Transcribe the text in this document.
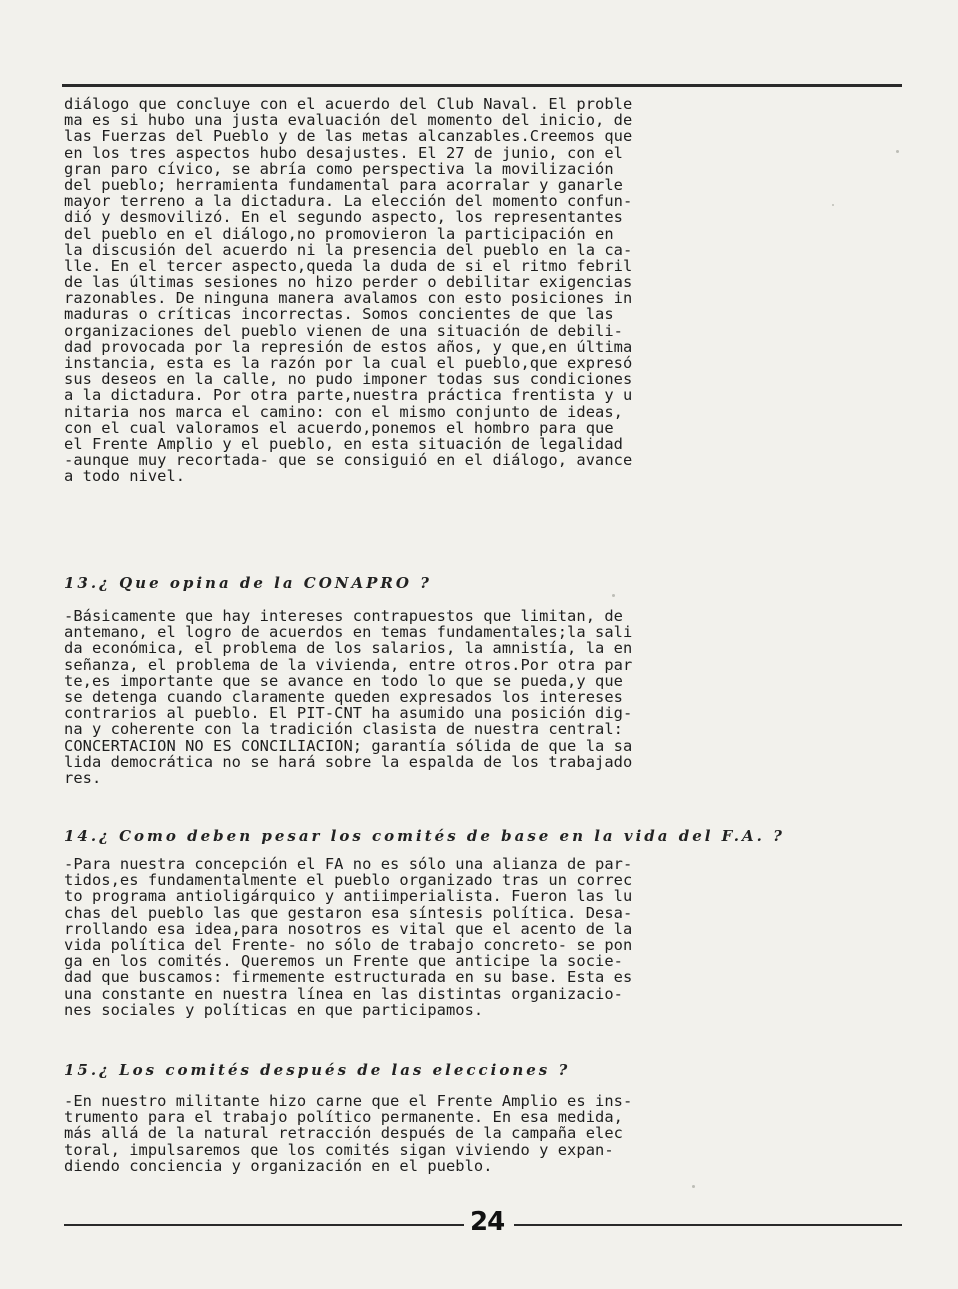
diálogo que concluye con el acuerdo del Club Naval. El proble
ma es si hubo una justa evaluación del momento del inicio, de
las Fuerzas del Pueblo y de las metas alcanzables.Creemos que
en los tres aspectos hubo desajustes. El 27 de junio, con el
gran paro cívico, se abría como perspectiva la movilización
del pueblo; herramienta fundamental para acorralar y ganarle
mayor terreno a la dictadura. La elección del momento confun-
dió y desmovilizó. En el segundo aspecto, los representantes
del pueblo en el diálogo,no promovieron la participación en
la discusión del acuerdo ni la presencia del pueblo en la ca-
lle. En el tercer aspecto,queda la duda de si el ritmo febril
de las últimas sesiones no hizo perder o debilitar exigencias
razonables. De ninguna manera avalamos con esto posiciones in
maduras o críticas incorrectas. Somos concientes de que las
organizaciones del pueblo vienen de una situación de debili-
dad provocada por la represión de estos años, y que,en última
instancia, esta es la razón por la cual el pueblo,que expresó
sus deseos en la calle, no pudo imponer todas sus condiciones
a la dictadura. Por otra parte,nuestra práctica frentista y u
nitaria nos marca el camino: con el mismo conjunto de ideas,
con el cual valoramos el acuerdo,ponemos el hombro para que
el Frente Amplio y el pueblo, en esta situación de legalidad
-aunque muy recortada- que se consiguió en el diálogo, avance
a todo nivel.
13.¿ Que opina de la CONAPRO ?
-Básicamente que hay intereses contrapuestos que limitan, de
antemano, el logro de acuerdos en temas fundamentales;la sali
da económica, el problema de los salarios, la amnistía, la en
señanza, el problema de la vivienda, entre otros.Por otra par
te,es importante que se avance en todo lo que se pueda,y que
se detenga cuando claramente queden expresados los intereses
contrarios al pueblo. El PIT-CNT ha asumido una posición dig-
na y coherente con la tradición clasista de nuestra central:
CONCERTACION NO ES CONCILIACION; garantía sólida de que la sa
lida democrática no se hará sobre la espalda de los trabajado
res.
14.¿ Como deben pesar los comités de base en la vida del F.A. ?
-Para nuestra concepción el FA no es sólo una alianza de par-
tidos,es fundamentalmente el pueblo organizado tras un correc
to programa antioligárquico y antiimperialista. Fueron las lu
chas del pueblo las que gestaron esa síntesis política. Desa-
rrollando esa idea,para nosotros es vital que el acento de la
vida política del Frente- no sólo de trabajo concreto- se pon
ga en los comités. Queremos un Frente que anticipe la socie-
dad que buscamos: firmemente estructurada en su base. Esta es
una constante en nuestra línea en las distintas organizacio-
nes sociales y políticas en que participamos.
15.¿ Los comités después de las elecciones ?
-En nuestro militante hizo carne que el Frente Amplio es ins-
trumento para el trabajo político permanente. En esa medida,
más allá de la natural retracción después de la campaña elec
toral, impulsaremos que los comités sigan viviendo y expan-
diendo conciencia y organización en el pueblo.
24
